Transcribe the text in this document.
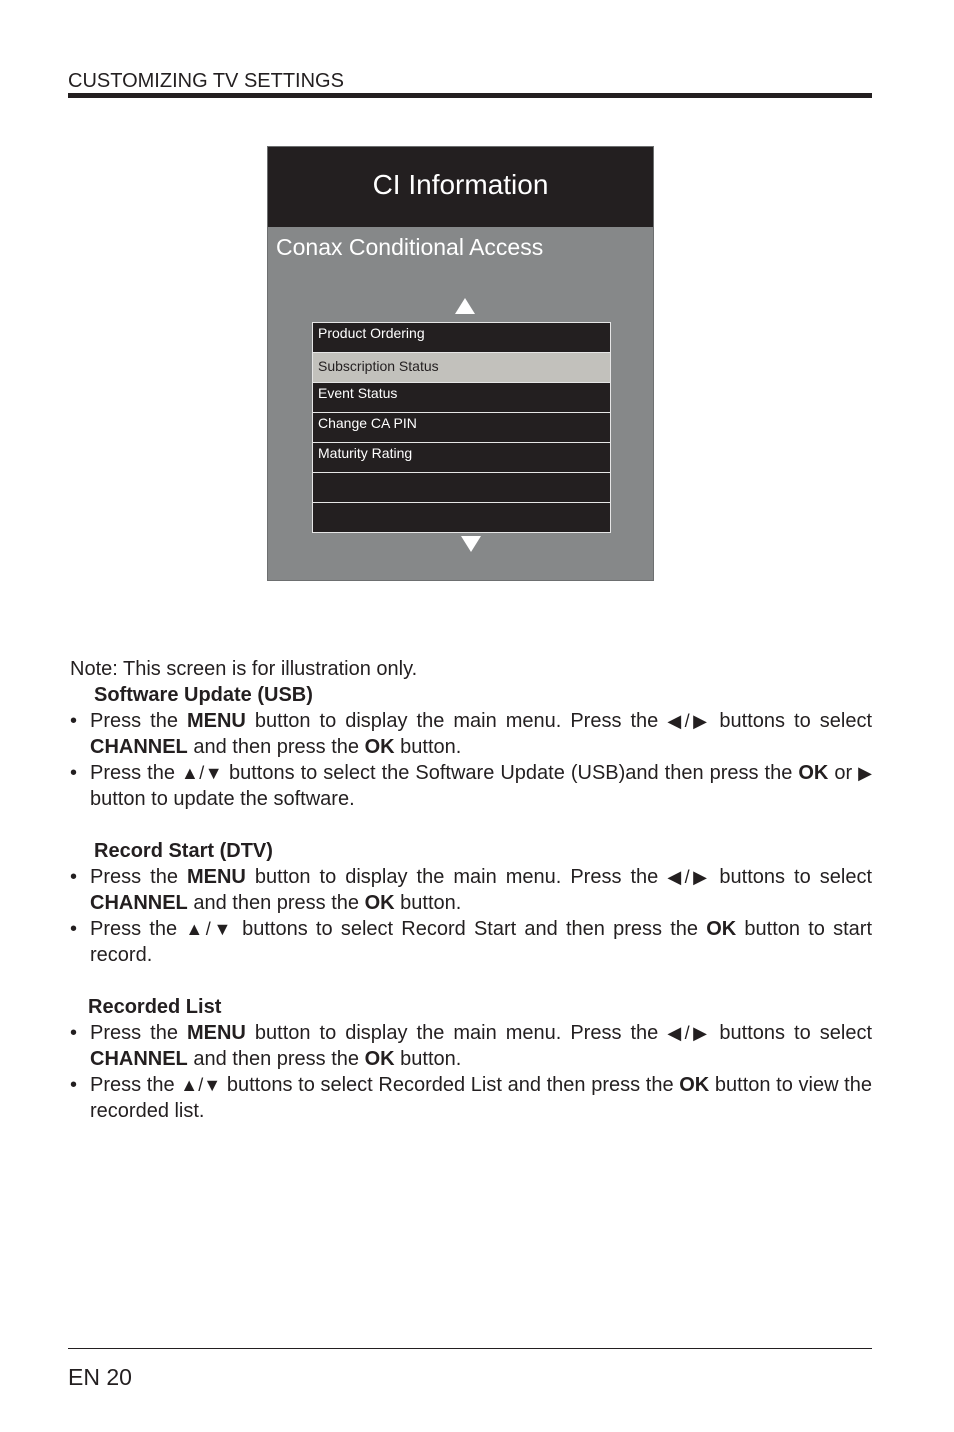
CUSTOMIZING TV SETTINGS
CI Information
Conax Conditional Access
Product Ordering
Subscription Status
Event Status
Change CA PIN
Maturity Rating

Note: This screen is for illustration only.

Software Update (USB)

• Press the MENU button to display the main menu. Press the ◀/▶ buttons to select CHANNEL and then press the OK button.
• Press the ▲/▼ buttons to select the Software Update (USB)and then press the OK or ▶ button to update the software.

Record Start (DTV)

• Press the MENU button to display the main menu. Press the ◀/▶ buttons to select CHANNEL and then press the OK button.
• Press the ▲/▼ buttons to select Record Start and then press the OK button to start record.

Recorded List

• Press the MENU button to display the main menu. Press the ◀/▶ buttons to select CHANNEL and then press the OK button.
• Press the ▲/▼ buttons to select Recorded List and then press the OK button to view the recorded list.
EN 20
